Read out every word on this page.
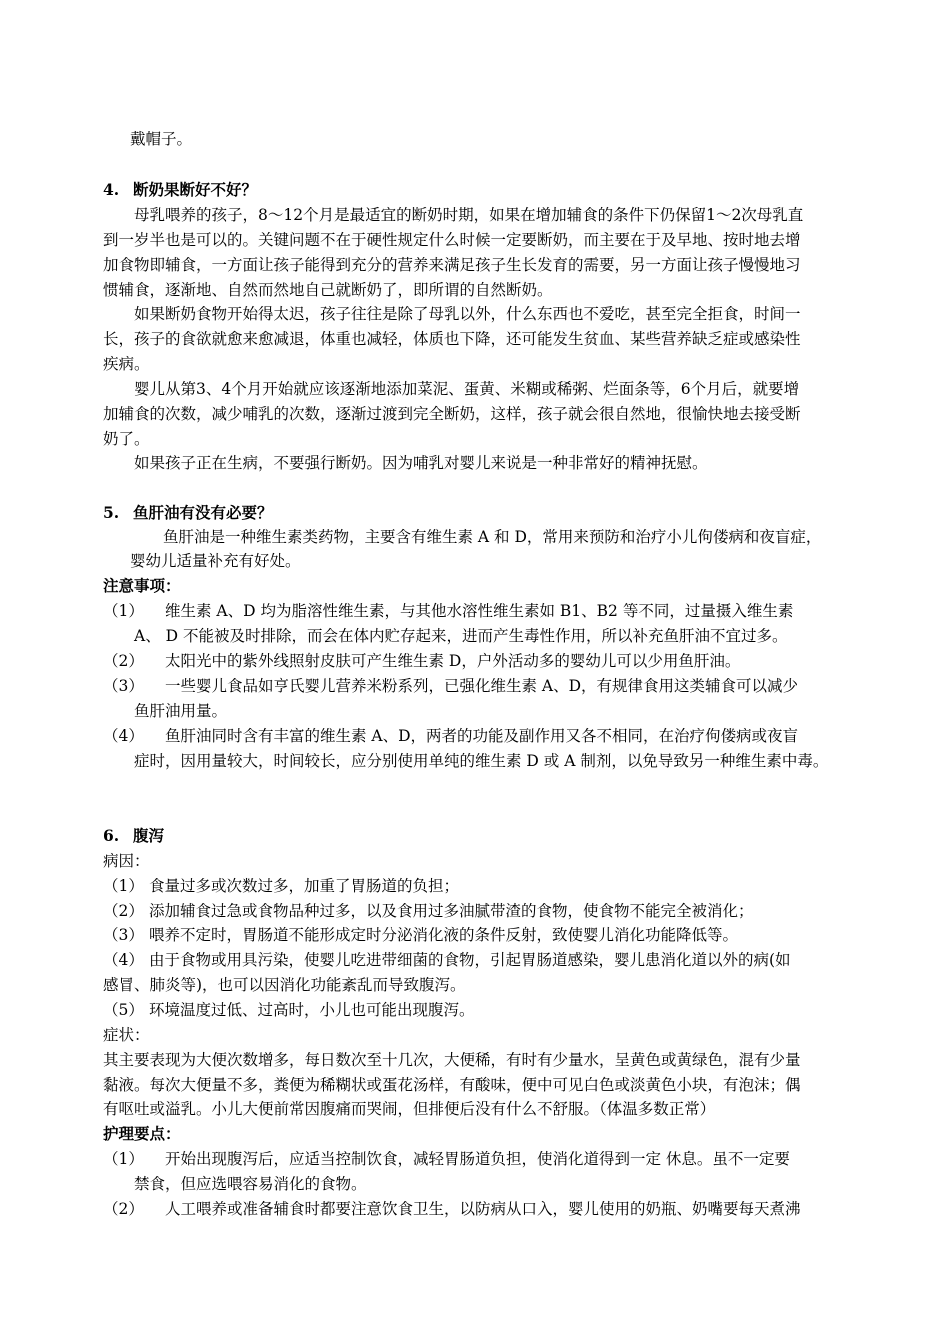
戴帽子。
4. 断奶果断好不好？
母乳喂养的孩子，8～12个月是最适宜的断奶时期，如果在增加辅食的条件下仍保留1～2次母乳直
到一岁半也是可以的。关键问题不在于硬性规定什么时候一定要断奶，而主要在于及早地、按时地去增
加食物即辅食，一方面让孩子能得到充分的营养来满足孩子生长发育的需要，另一方面让孩子慢慢地习
惯辅食，逐渐地、自然而然地自己就断奶了，即所谓的自然断奶。
如果断奶食物开始得太迟，孩子往往是除了母乳以外，什么东西也不爱吃，甚至完全拒食，时间一
长，孩子的食欲就愈来愈减退，体重也减轻，体质也下降，还可能发生贫血、某些营养缺乏症或感染性
疾病。
婴儿从第3、4个月开始就应该逐渐地添加菜泥、蛋黄、米糊或稀粥、烂面条等，6个月后，就要增
加辅食的次数，减少哺乳的次数，逐渐过渡到完全断奶，这样，孩子就会很自然地，很愉快地去接受断
奶了。
如果孩子正在生病，不要强行断奶。因为哺乳对婴儿来说是一种非常好的精神抚慰。
5. 鱼肝油有没有必要？
鱼肝油是一种维生素类药物，主要含有维生素 A 和 D，常用来预防和治疗小儿佝偻病和夜盲症，
婴幼儿适量补充有好处。
注意事项：
（1） 维生素 A、D 均为脂溶性维生素，与其他水溶性维生素如 B1、B2 等不同，过量摄入维生素
A、 D 不能被及时排除，而会在体内贮存起来，进而产生毒性作用，所以补充鱼肝油不宜过多。
（2） 太阳光中的紫外线照射皮肤可产生维生素 D，户外活动多的婴幼儿可以少用鱼肝油。
（3） 一些婴儿食品如亨氏婴儿营养米粉系列，已强化维生素 A、D，有规律食用这类辅食可以减少
鱼肝油用量。
（4） 鱼肝油同时含有丰富的维生素 A、D，两者的功能及副作用又各不相同，在治疗佝偻病或夜盲
症时，因用量较大，时间较长，应分别使用单纯的维生素 D 或 A 制剂，以免导致另一种维生素中毒。
6. 腹泻
病因：
（1） 食量过多或次数过多，加重了胃肠道的负担；
（2） 添加辅食过急或食物品种过多，以及食用过多油腻带渣的食物，使食物不能完全被消化；
（3） 喂养不定时，胃肠道不能形成定时分泌消化液的条件反射，致使婴儿消化功能降低等。
（4） 由于食物或用具污染，使婴儿吃进带细菌的食物，引起胃肠道感染，婴儿患消化道以外的病(如
感冒、肺炎等)，也可以因消化功能紊乱而导致腹泻。
（5） 环境温度过低、过高时，小儿也可能出现腹泻。
症状：
其主要表现为大便次数增多，每日数次至十几次，大便稀，有时有少量水，呈黄色或黄绿色，混有少量
黏液。每次大便量不多，粪便为稀糊状或蛋花汤样，有酸味，便中可见白色或淡黄色小块，有泡沫；偶
有呕吐或溢乳。小儿大便前常因腹痛而哭闹，但排便后没有什么不舒服。（体温多数正常）
护理要点：
（1） 开始出现腹泻后，应适当控制饮食，减轻胃肠道负担，使消化道得到一定 休息。虽不一定要
禁食，但应选喂容易消化的食物。
（2） 人工喂养或准备辅食时都要注意饮食卫生，以防病从口入，婴儿使用的奶瓶、奶嘴要每天煮沸
